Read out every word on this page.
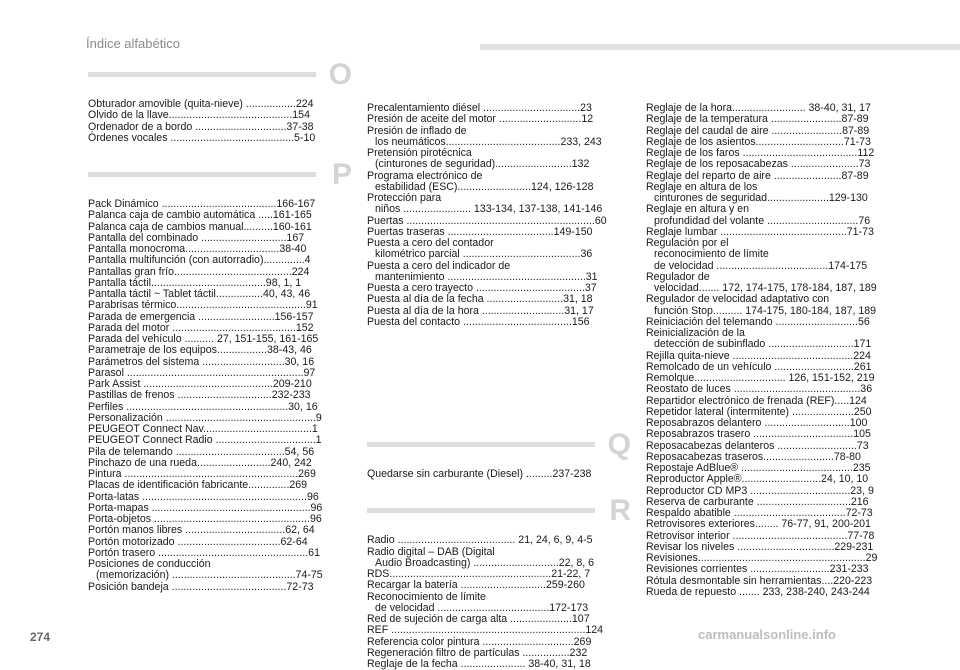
Índice alfabético
O
Obturador amovible (quita-nieve) .................224
Olvido de la llave..........................................154
Ordenador de a bordo ...............................37-38
Órdenes vocales ..........................................5-10
P
Pack Dinámico .......................................166-167
Palanca caja de cambio automática .....161-165
Palanca caja de cambios manual..........160-161
Pantalla del combinado .............................167
Pantalla monocroma................................38-40
Pantalla multifunción (con autorradio)..............4
Pantallas gran frío........................................224
Pantalla táctil.......................................98, 1, 1
Pantalla táctil ~ Tablet táctil................40, 43, 46
Parabrisas térmico............................................91
Parada de emergencia ..........................156-157
Parada del motor ..........................................152
Parada del vehículo .......... 27, 151-155, 161-165
Parametraje de los equipos.................38-43, 46
Parámetros del sistema ............................30, 16
Parasol ............................................................97
Park Assist ............................................209-210
Pastillas de frenos ................................232-233
Perfiles .......................................................30, 16
Personalización ...................................................9
PEUGEOT Connect Nav.....................................1
PEUGEOT Connect Radio ..................................1
Pila de telemando .....................................54, 56
Pinchazo de una rueda.........................240, 242
Pintura ...........................................................269
Placas de identificación fabricante..............269
Porta-latas ........................................................96
Porta-mapas ......................................................96
Porta-objetos .....................................................96
Portón manos libres ..................................62, 64
Portón motorizado ...................................62-64
Portón trasero ...................................................61
Posiciones de conducción
(memorización) ..........................................74-75
Posición bandeja .......................................72-73
Precalentamiento diésel .................................23
Presión de aceite del motor ............................12
Presión de inflado de
los neumáticos.......................................233, 243
Pretensión pirotécnica
(cinturones de seguridad)..........................132
Programa electrónico de
estabilidad (ESC).........................124, 126-128
Protección para
niños ....................... 133-134, 137-138, 141-146
Puertas ................................................................60
Puertas traseras ....................................149-150
Puesta a cero del contador
kilométrico parcial ........................................36
Puesta a cero del indicador de
mantenimiento ...............................................31
Puesta a cero trayecto .....................................37
Puesta al día de la fecha ..........................31, 18
Puesta al día de la hora ............................31, 17
Puesta del contacto .....................................156
Q
Quedarse sin carburante (Diesel) .........237-238
R
Radio ........................................ 21, 24, 6, 9, 4-5
Radio digital – DAB (Digital
Audio Broadcasting) .............................22, 8, 6
RDS.......................................................21-22, 7
Recargar la batería .............................259-260
Reconocimiento de límite
de velocidad ......................................172-173
Red de sujeción de carga alta .....................107
REF ..................................................................124
Referencia color pintura ...............................269
Regeneración filtro de partículas ................232
Reglaje de la fecha ...................... 38-40, 31, 18
Reglaje de la hora......................... 38-40, 31, 17
Reglaje de la temperatura ........................87-89
Reglaje del caudal de aire ........................87-89
Reglaje de los asientos..............................71-73
Reglaje de los faros .......................................112
Reglaje de los reposacabezas .......................73
Reglaje del reparto de aire .......................87-89
Reglaje en altura de los
cinturones de seguridad.....................129-130
Reglaje en altura y en
profundidad del volante ...............................76
Reglaje lumbar ...........................................71-73
Regulación por el
reconocimiento de límite
de velocidad ......................................174-175
Regulador de
velocidad....... 172, 174-175, 178-184, 187, 189
Regulador de velocidad adaptativo con
función Stop.......... 174-175, 180-184, 187, 189
Reiniciación del telemando ............................56
Reinicialización de la
detección de subinflado .............................171
Rejilla quita-nieve .........................................224
Remolcado de un vehículo ...........................261
Remolque............................... 126, 151-152, 219
Reostato de luces ...........................................36
Repartidor electrónico de frenada (REF).....124
Repetidor lateral (intermitente) .....................250
Reposabrazos delantero .............................100
Reposabrazos trasero ..................................105
Reposacabezas delanteros ...........................73
Reposacabezas traseros........................78-80
Repostaje AdBlue® ......................................235
Reproductor Apple®...........................24, 10, 10
Reproductor CD MP3 ..................................23, 9
Reserva de carburante ................................216
Respaldo abatible ......................................72-73
Retrovisores exteriores........ 76-77, 91, 200-201
Retrovisor interior .......................................77-78
Revisar los niveles .................................229-231
Revisiones.........................................................29
Revisiones corrientes ...........................231-233
Rótula desmontable sin herramientas....220-223
Rueda de repuesto ....... 233, 238-240, 243-244
274	carmanualsonline.info
